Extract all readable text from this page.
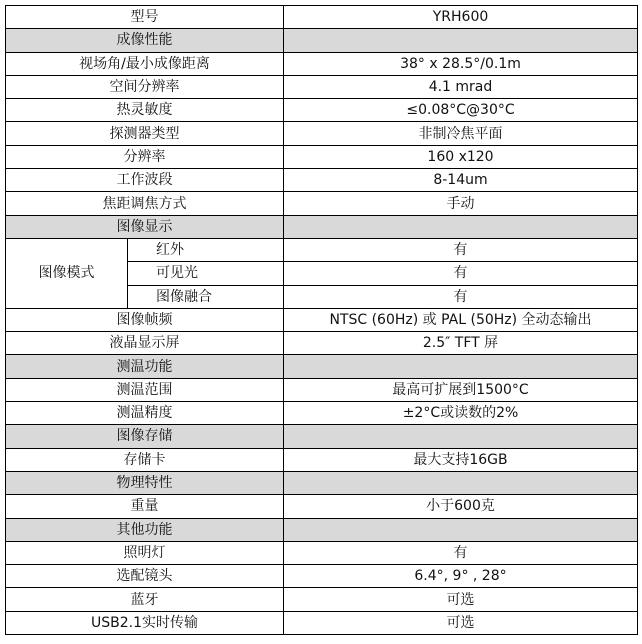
型号		YRH600
成像性能		
视场角/最小成像距离		38° x 28.5°/0.1m
空间分辨率		4.1 mrad
热灵敏度		≤0.08°C@30°C
探测器类型		非制冷焦平面
分辨率		160 x120
工作波段		8-14um
焦距调焦方式		手动
图像显示		
图像模式	红外	有
	可见光	有
	图像融合	有
图像帧频		NTSC (60Hz) 或 PAL (50Hz) 全动态输出
液晶显示屏		2.5″ TFT 屏
测温功能		
测温范围		最高可扩展到1500°C
测温精度		±2°C或读数的2%
图像存储		
存储卡		最大支持16GB
物理特性		
重量		小于600克
其他功能		
照明灯		有
选配镜头		6.4°, 9° , 28°
蓝牙		可选
USB2.1实时传输		可选
